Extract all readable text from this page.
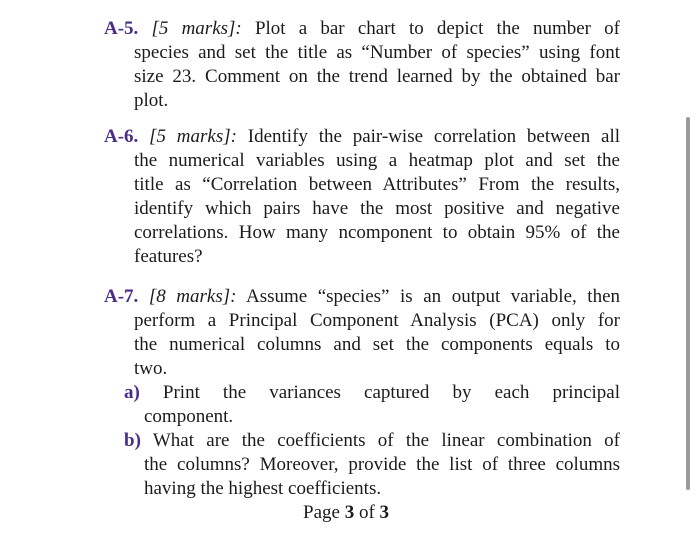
A-5. [5 marks]: Plot a bar chart to depict the number of
species and set the title as “Number of species” using font
size 23. Comment on the trend learned by the obtained bar
plot.
A-6. [5 marks]: Identify the pair-wise correlation between all
the numerical variables using a heatmap plot and set the
title as “Correlation between Attributes” From the results,
identify which pairs have the most positive and negative
correlations. How many ncomponent to obtain 95% of the
features?
A-7. [8 marks]: Assume “species” is an output variable, then
perform a Principal Component Analysis (PCA) only for
the numerical columns and set the components equals to
two.
a) Print the variances captured by each principal
component.
b) What are the coefficients of the linear combination of
the columns? Moreover, provide the list of three columns
having the highest coefficients.
Page 3 of 3
